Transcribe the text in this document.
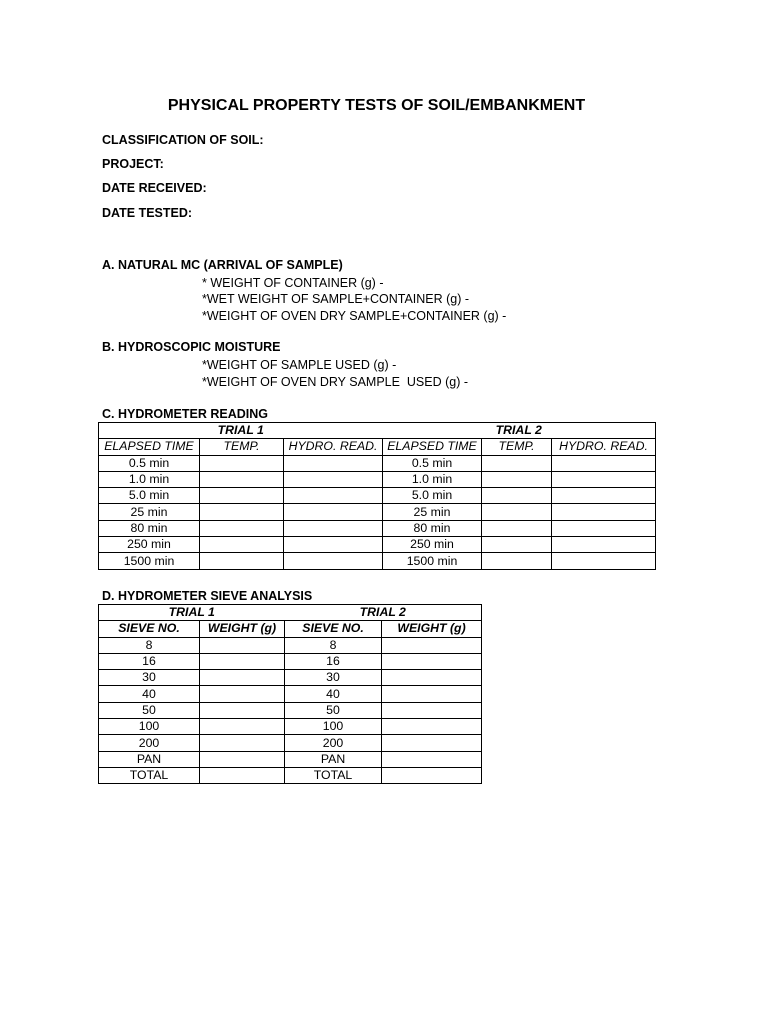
PHYSICAL PROPERTY TESTS OF SOIL/EMBANKMENT
CLASSIFICATION OF SOIL:
PROJECT:
DATE RECEIVED:
DATE TESTED:
A. NATURAL MC (ARRIVAL OF SAMPLE)
* WEIGHT OF CONTAINER (g) -
*WET WEIGHT OF SAMPLE+CONTAINER (g) -
*WEIGHT OF OVEN DRY SAMPLE+CONTAINER (g) -
B. HYDROSCOPIC MOISTURE
*WEIGHT OF SAMPLE USED (g) -
*WEIGHT OF OVEN DRY SAMPLE  USED (g) -
C. HYDROMETER READING
TRIAL 1			TRIAL 2		
ELAPSED TIME	TEMP.	HYDRO. READ.	ELAPSED TIME	TEMP.	HYDRO. READ.
0.5 min			0.5 min		
1.0 min			1.0 min		
5.0 min			5.0 min		
25 min			25 min		
80 min			80 min		
250 min			250 min		
1500 min			1500 min		
D. HYDROMETER SIEVE ANALYSIS
TRIAL 1		TRIAL 2	
SIEVE NO.	WEIGHT (g)	SIEVE NO.	WEIGHT (g)
8		8	
16		16	
30		30	
40		40	
50		50	
100		100	
200		200	
PAN		PAN	
TOTAL		TOTAL	
